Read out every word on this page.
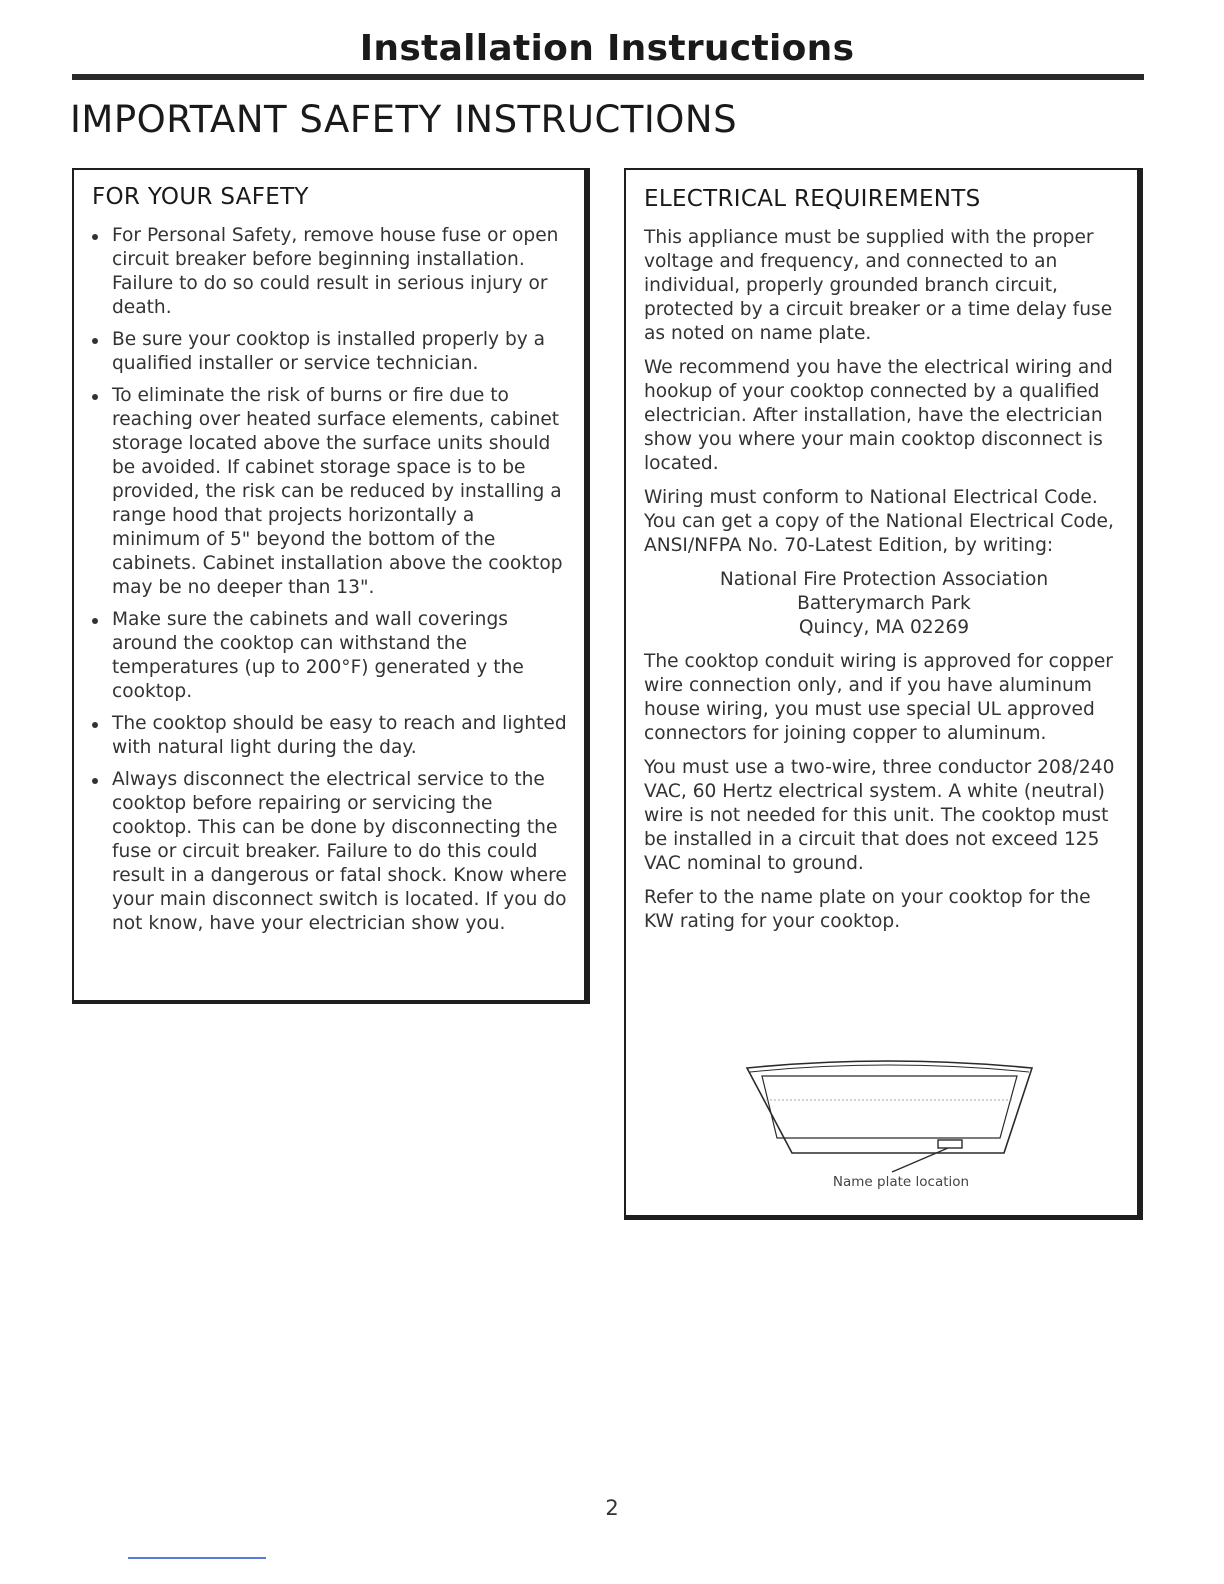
Installation Instructions
IMPORTANT SAFETY INSTRUCTIONS
FOR YOUR SAFETY
For Personal Safety, remove house fuse or open circuit breaker before beginning installation. Failure to do so could result in serious injury or death.
Be sure your cooktop is installed properly by a qualified installer or service technician.
To eliminate the risk of burns or fire due to reaching over heated surface elements, cabinet storage located above the surface units should be avoided. If cabinet storage space is to be provided, the risk can be reduced by installing a range hood that projects horizontally a minimum of 5" beyond the bottom of the cabinets. Cabinet installation above the cooktop may be no deeper than 13".
Make sure the cabinets and wall coverings around the cooktop can withstand the temperatures (up to 200°F) generated y the cooktop.
The cooktop should be easy to reach and lighted with natural light during the day.
Always disconnect the electrical service to the cooktop before repairing or servicing the cooktop. This can be done by disconnecting the fuse or circuit breaker. Failure to do this could result in a dangerous or fatal shock. Know where your main disconnect switch is located. If you do not know, have your electrician show you.
ELECTRICAL REQUIREMENTS

This appliance must be supplied with the proper voltage and frequency, and connected to an individual, properly grounded branch circuit, protected by a circuit breaker or a time delay fuse as noted on name plate.

We recommend you have the electrical wiring and hookup of your cooktop connected by a qualified electrician. After installation, have the electrician show you where your main cooktop disconnect is located.

Wiring must conform to National Electrical Code. You can get a copy of the National Electrical Code, ANSI/NFPA No. 70-Latest Edition, by writing:

National Fire Protection Association
Batterymarch Park
Quincy, MA 02269

The cooktop conduit wiring is approved for copper wire connection only, and if you have aluminum house wiring, you must use special UL approved connectors for joining copper to aluminum.

You must use a two-wire, three conductor 208/240 VAC, 60 Hertz electrical system. A white (neutral) wire is not needed for this unit. The cooktop must be installed in a circuit that does not exceed 125 VAC nominal to ground.

Refer to the name plate on your cooktop for the KW rating for your cooktop.

Name plate location
2
